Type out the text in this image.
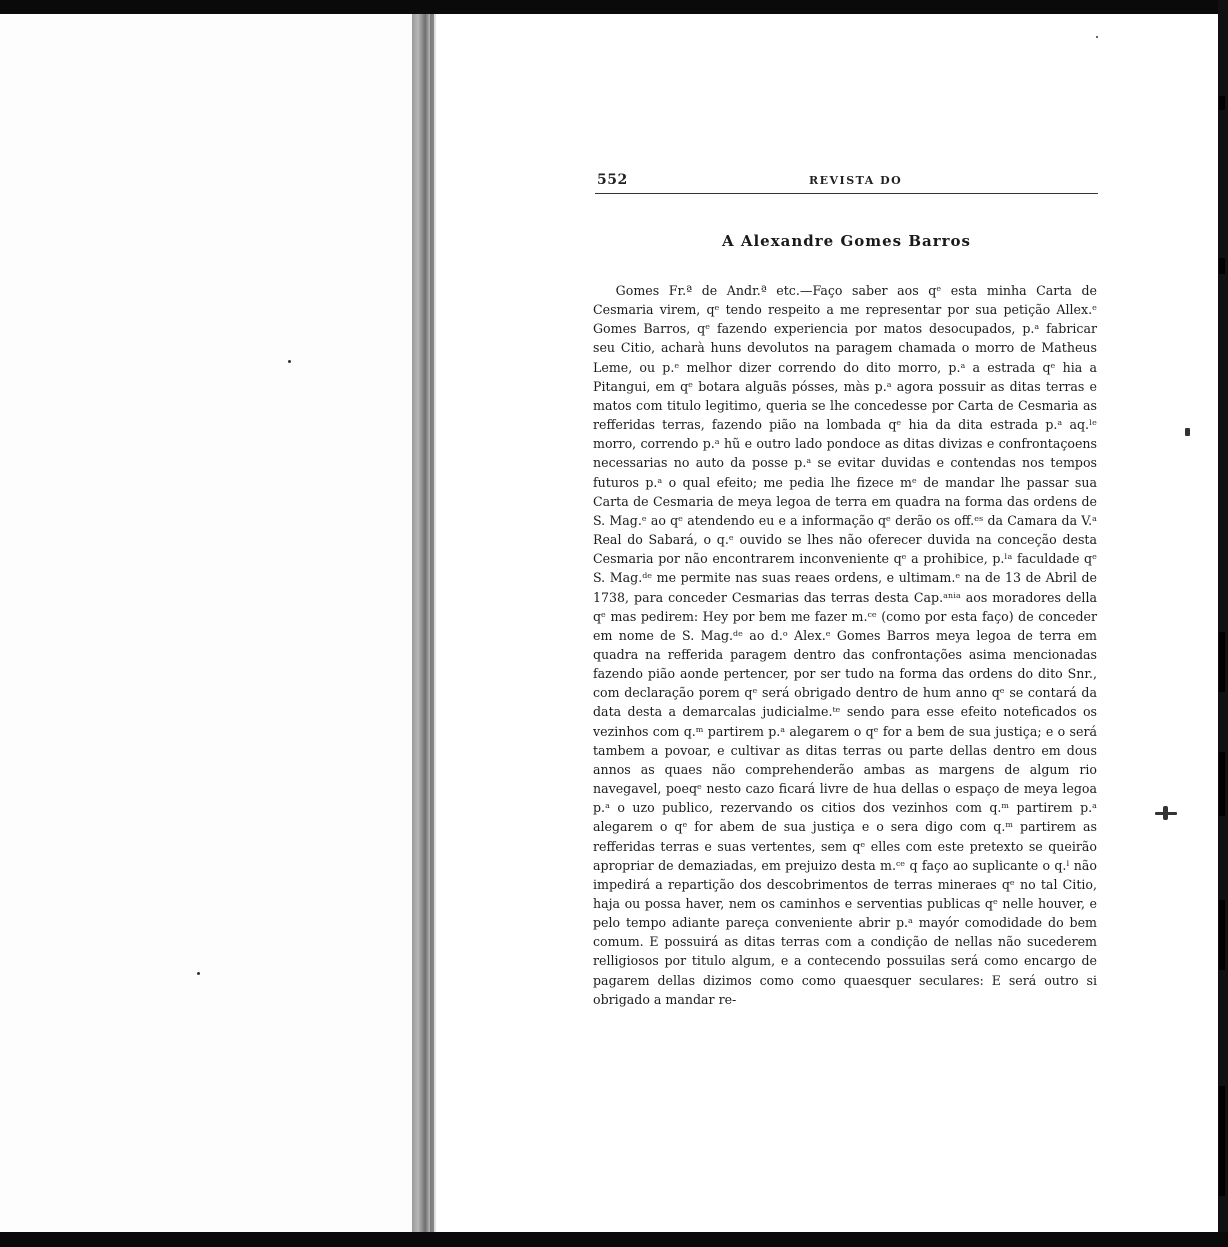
552	REVISTA DO
A Alexandre Gomes Barros

Gomes Fr.ª de Andr.ª etc.—Faço saber aos qᵉ esta minha Carta de Cesmaria virem, qᵉ tendo respeito a me representar por sua petição Allex.ᵉ Gomes Barros, qᵉ fazendo experiencia por matos desocupados, p.ᵃ fabricar seu Citio, acharà huns devolutos na paragem chamada o morro de Matheus Leme, ou p.ᵉ melhor dizer correndo do dito morro, p.ᵃ a estrada qᵉ hia a Pitangui, em qᵉ botara alguãs pósses, màs p.ᵃ agora possuir as ditas terras e matos com titulo legitimo, queria se lhe concedesse por Carta de Cesmaria as refferidas terras, fazendo pião na lombada qᵉ hia da dita estrada p.ᵃ aq.ˡᵉ morro, correndo p.ᵃ hũ e outro lado pondoce as ditas divizas e confrontaçoens necessarias no auto da posse p.ᵃ se evitar duvidas e contendas nos tempos futuros p.ᵃ o qual efeito; me pedia lhe fizece mᵉ de mandar lhe passar sua Carta de Cesmaria de meya legoa de terra em quadra na forma das ordens de S. Mag.ᵉ ao qᵉ atendendo eu e a informação qᵉ derão os off.ᵉˢ da Camara da V.ᵃ Real do Sabará, o q.ᵉ ouvido se lhes não oferecer duvida na conceção desta Cesmaria por não encontrarem inconveniente qᵉ a prohibice, p.ˡᵃ faculdade qᵉ S. Mag.ᵈᵉ me permite nas suas reaes ordens, e ultimam.ᵉ na de 13 de Abril de 1738, para conceder Cesmarias das terras desta Cap.ᵃⁿⁱᵃ aos moradores della qᵉ mas pedirem: Hey por bem me fazer m.ᶜᵉ (como por esta faço) de conceder em nome de S. Mag.ᵈᵉ ao d.ᵒ Alex.ᵉ Gomes Barros meya legoa de terra em quadra na refferida paragem dentro das confrontações asima mencionadas fazendo pião aonde pertencer, por ser tudo na forma das ordens do dito Snr., com declaração porem qᵉ será obrigado dentro de hum anno qᵉ se contará da data desta a demarcalas judicialme.ᵗᵉ sendo para esse efeito noteficados os vezinhos com q.ᵐ partirem p.ᵃ alegarem o qᵉ for a bem de sua justiça; e o será tambem a povoar, e cultivar as ditas terras ou parte dellas dentro em dous annos as quaes não comprehenderão ambas as margens de algum rio navegavel, poeqᵉ nesto cazo ficará livre de hua dellas o espaço de meya legoa p.ᵃ o uzo publico, rezervando os citios dos vezinhos com q.ᵐ partirem p.ᵃ alegarem o qᵉ for abem de sua justiça e o sera digo com q.ᵐ partirem as refferidas terras e suas vertentes, sem qᵉ elles com este pretexto se queirão apropriar de demaziadas, em prejuizo desta m.ᶜᵉ q faço ao suplicante o q.ˡ não impedirá a repartição dos descobrimentos de terras mineraes qᵉ no tal Citio, haja ou possa haver, nem os caminhos e serventias publicas qᵉ nelle houver, e pelo tempo adiante pareça conveniente abrir p.ᵃ mayór comodidade do bem comum. E possuirá as ditas terras com a condição de nellas não sucederem relligiosos por titulo algum, e a contecendo possuilas será como encargo de pagarem dellas dizimos como como quaesquer seculares: E será outro si obrigado a mandar re-
